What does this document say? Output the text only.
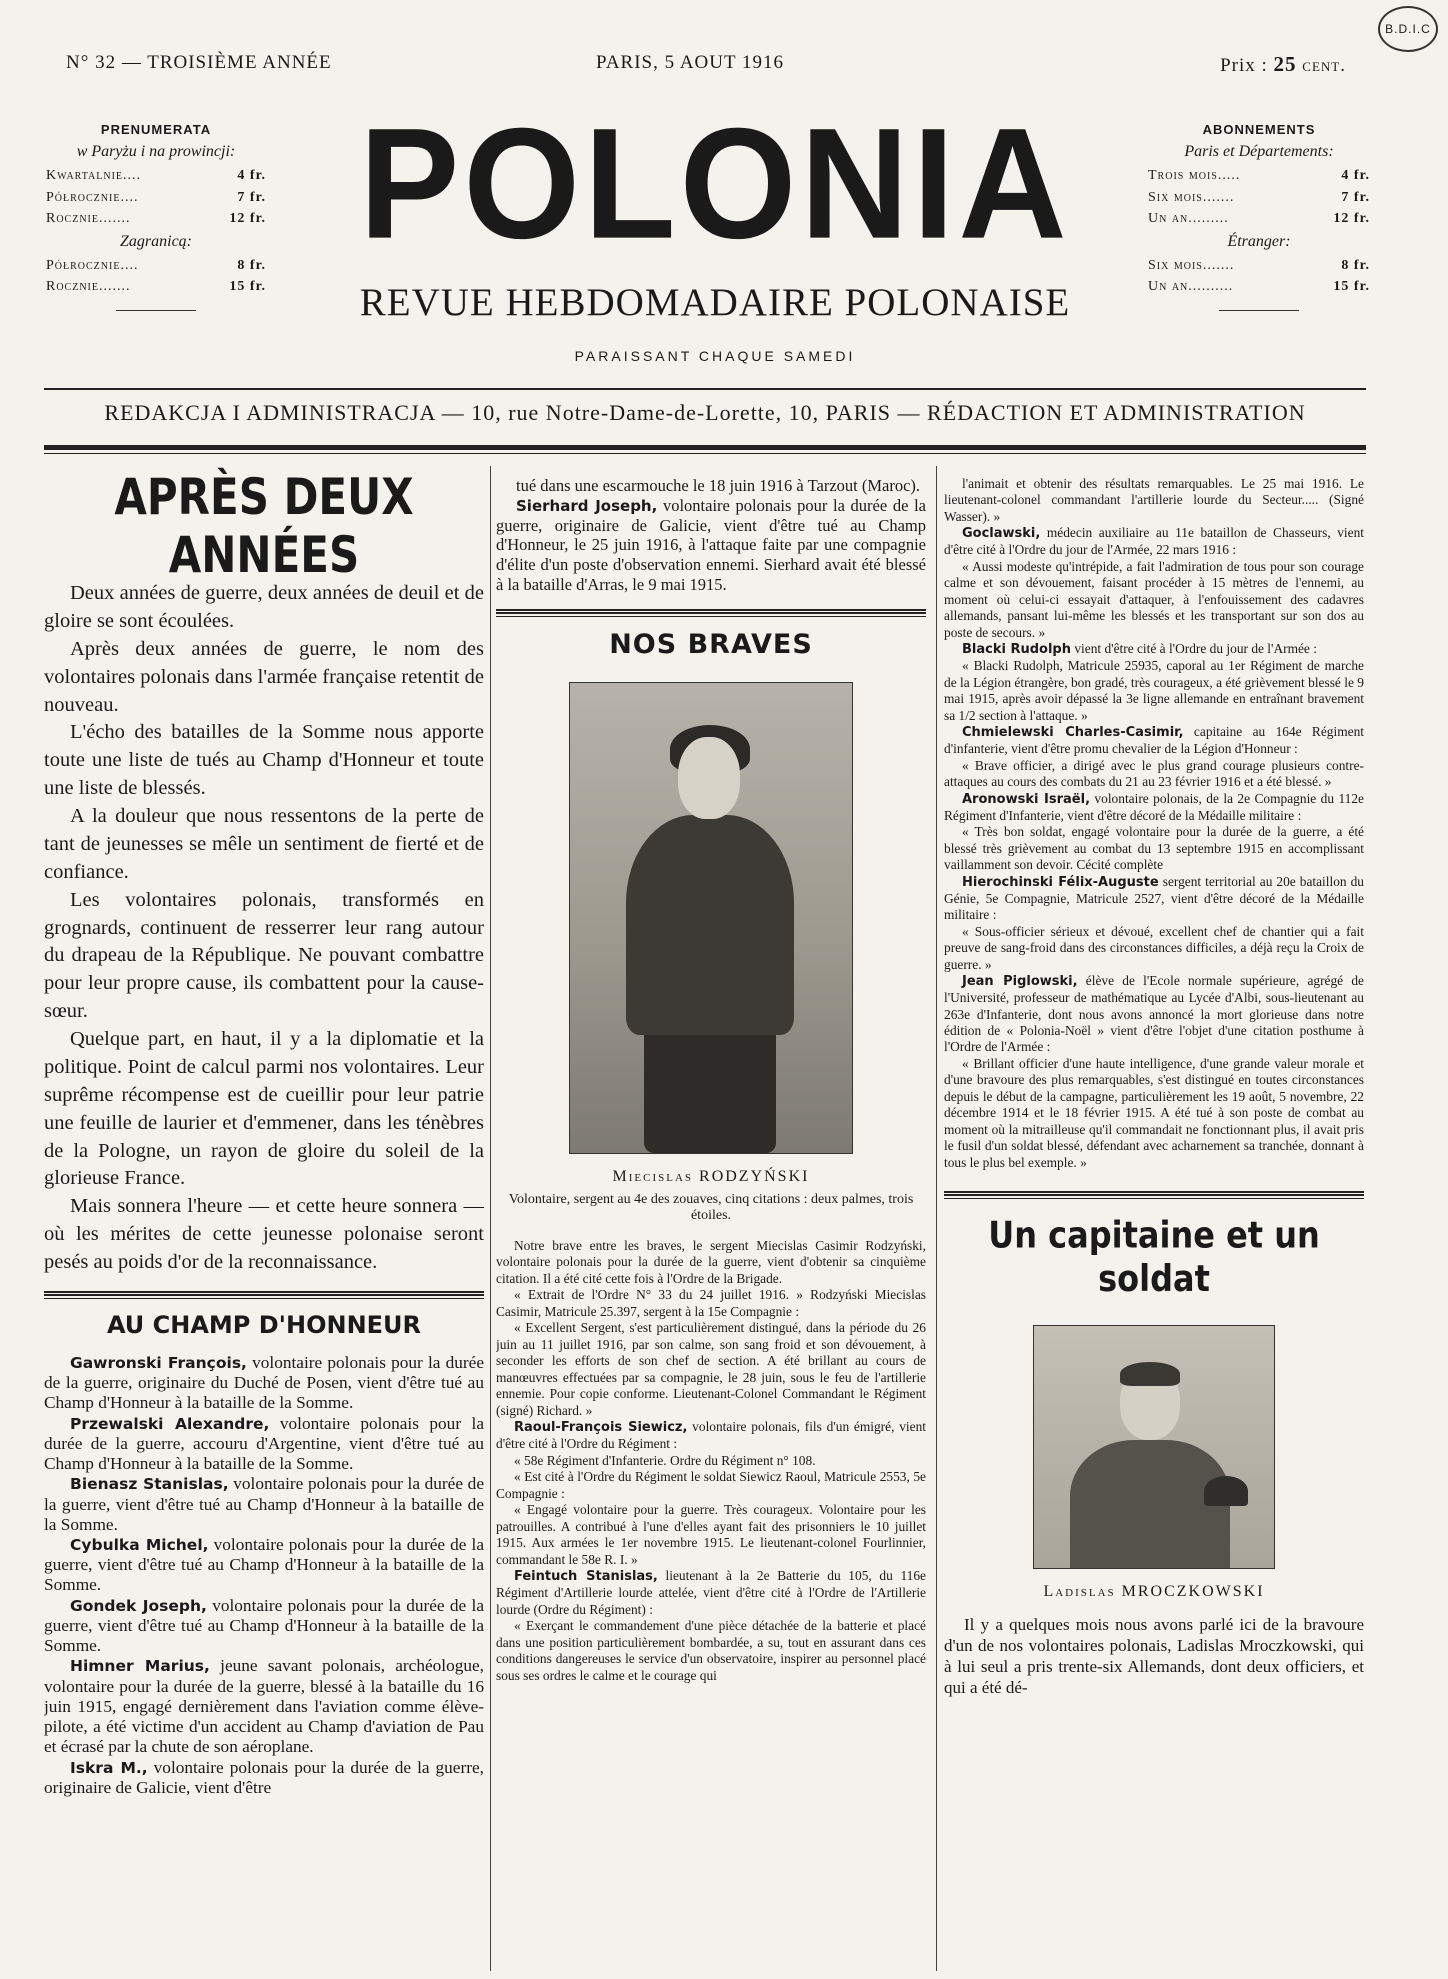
B.D.I.C
N° 32 — TROISIÈME ANNÉE	PARIS, 5 AOUT 1916	Prix : 25 cent.
PRENUMERATA
w Paryżu i na prowincji:
Kwartalnie....	4 fr.
Półrocznie....	7 fr.
Rocznie.......	12 fr.
Zagranicą:
Półrocznie....	8 fr.
Rocznie.......	15 fr.
ABONNEMENTS
Paris et Départements:
Trois mois.....	4 fr.
Six mois.......	7 fr.
Un an.........	12 fr.
Étranger:
Six mois.......	8 fr.
Un an..........	15 fr.
POLONIA
REVUE HEBDOMADAIRE POLONAISE
PARAISSANT CHAQUE SAMEDI
REDAKCJA I ADMINISTRACJA — 10, rue Notre-Dame-de-Lorette, 10, PARIS — RÉDACTION ET ADMINISTRATION
APRÈS DEUX ANNÉES

Deux années de guerre, deux années de deuil et de gloire se sont écoulées.

Après deux années de guerre, le nom des volontaires polonais dans l'armée française retentit de nouveau.

L'écho des batailles de la Somme nous apporte toute une liste de tués au Champ d'Honneur et toute une liste de blessés.

A la douleur que nous ressentons de la perte de tant de jeunesses se mêle un sentiment de fierté et de confiance.

Les volontaires polonais, transformés en grognards, continuent de resserrer leur rang autour du drapeau de la République. Ne pouvant combattre pour leur propre cause, ils combattent pour la cause-sœur.

Quelque part, en haut, il y a la diplomatie et la politique. Point de calcul parmi nos volontaires. Leur suprême récompense est de cueillir pour leur patrie une feuille de laurier et d'emmener, dans les ténèbres de la Pologne, un rayon de gloire du soleil de la glorieuse France.

Mais sonnera l'heure — et cette heure sonnera — où les mérites de cette jeunesse polonaise seront pesés au poids d'or de la reconnaissance.

AU CHAMP D'HONNEUR

Gawronski François, volontaire polonais pour la durée de la guerre, originaire du Duché de Posen, vient d'être tué au Champ d'Honneur à la bataille de la Somme.

Przewalski Alexandre, volontaire polonais pour la durée de la guerre, accouru d'Argentine, vient d'être tué au Champ d'Honneur à la bataille de la Somme.

Bienasz Stanislas, volontaire polonais pour la durée de la guerre, vient d'être tué au Champ d'Honneur à la bataille de la Somme.

Cybulka Michel, volontaire polonais pour la durée de la guerre, vient d'être tué au Champ d'Honneur à la bataille de la Somme.

Gondek Joseph, volontaire polonais pour la durée de la guerre, vient d'être tué au Champ d'Honneur à la bataille de la Somme.

Himner Marius, jeune savant polonais, archéologue, volontaire pour la durée de la guerre, blessé à la bataille du 16 juin 1915, engagé dernièrement dans l'aviation comme élève-pilote, a été victime d'un accident au Champ d'aviation de Pau et écrasé par la chute de son aéroplane.

Iskra M., volontaire polonais pour la durée de la guerre, originaire de Galicie, vient d'être

tué dans une escarmouche le 18 juin 1916 à Tarzout (Maroc).

Sierhard Joseph, volontaire polonais pour la durée de la guerre, originaire de Galicie, vient d'être tué au Champ d'Honneur, le 25 juin 1916, à l'attaque faite par une compagnie d'élite d'un poste d'observation ennemi. Sierhard avait été blessé à la bataille d'Arras, le 9 mai 1915.

NOS BRAVES
Miecislas RODZYŃSKI
Volontaire, sergent au 4e des zouaves, cinq citations : deux palmes, trois étoiles.

Notre brave entre les braves, le sergent Miecislas Casimir Rodzyński, volontaire polonais pour la durée de la guerre, vient d'obtenir sa cinquième citation. Il a été cité cette fois à l'Ordre de la Brigade.

« Extrait de l'Ordre N° 33 du 24 juillet 1916. » Rodzyński Miecislas Casimir, Matricule 25.397, sergent à la 15e Compagnie :

« Excellent Sergent, s'est particulièrement distingué, dans la période du 26 juin au 11 juillet 1916, par son calme, son sang froid et son dévouement, à seconder les efforts de son chef de section. A été brillant au cours de manœuvres effectuées par sa compagnie, le 28 juin, sous le feu de l'artillerie ennemie. Pour copie conforme. Lieutenant-Colonel Commandant le Régiment (signé) Richard. »

Raoul-François Siewicz, volontaire polonais, fils d'un émigré, vient d'être cité à l'Ordre du Régiment :

« 58e Régiment d'Infanterie. Ordre du Régiment n° 108.

« Est cité à l'Ordre du Régiment le soldat Siewicz Raoul, Matricule 2553, 5e Compagnie :

« Engagé volontaire pour la guerre. Très courageux. Volontaire pour les patrouilles. A contribué à l'une d'elles ayant fait des prisonniers le 10 juillet 1915. Aux armées le 1er novembre 1915. Le lieutenant-colonel Fourlinnier, commandant le 58e R. I. »

Feintuch Stanislas, lieutenant à la 2e Batterie du 105, du 116e Régiment d'Artillerie lourde attelée, vient d'être cité à l'Ordre de l'Artillerie lourde (Ordre du Régiment) :

« Exerçant le commandement d'une pièce détachée de la batterie et placé dans une position particulièrement bombardée, a su, tout en assurant dans ces conditions dangereuses le service d'un observatoire, inspirer au personnel placé sous ses ordres le calme et le courage qui

l'animait et obtenir des résultats remarquables. Le 25 mai 1916. Le lieutenant-colonel commandant l'artillerie lourde du Secteur..... (Signé Wasser). »

Goclawski, médecin auxiliaire au 11e bataillon de Chasseurs, vient d'être cité à l'Ordre du jour de l'Armée, 22 mars 1916 :

« Aussi modeste qu'intrépide, a fait l'admiration de tous pour son courage calme et son dévouement, faisant procéder à 15 mètres de l'ennemi, au moment où celui-ci essayait d'attaquer, à l'enfouissement des cadavres allemands, pansant lui-même les blessés et les transportant sur son dos au poste de secours. »

Blacki Rudolph vient d'être cité à l'Ordre du jour de l'Armée :

« Blacki Rudolph, Matricule 25935, caporal au 1er Régiment de marche de la Légion étrangère, bon gradé, très courageux, a été grièvement blessé le 9 mai 1915, après avoir dépassé la 3e ligne allemande en entraînant bravement sa 1/2 section à l'attaque. »

Chmielewski Charles-Casimir, capitaine au 164e Régiment d'infanterie, vient d'être promu chevalier de la Légion d'Honneur :

« Brave officier, a dirigé avec le plus grand courage plusieurs contre-attaques au cours des combats du 21 au 23 février 1916 et a été blessé. »

Aronowski Israël, volontaire polonais, de la 2e Compagnie du 112e Régiment d'Infanterie, vient d'être décoré de la Médaille militaire :

« Très bon soldat, engagé volontaire pour la durée de la guerre, a été blessé très grièvement au combat du 13 septembre 1915 en accomplissant vaillamment son devoir. Cécité complète

Hierochinski Félix-Auguste sergent territorial au 20e bataillon du Génie, 5e Compagnie, Matricule 2527, vient d'être décoré de la Médaille militaire :

« Sous-officier sérieux et dévoué, excellent chef de chantier qui a fait preuve de sang-froid dans des circonstances difficiles, a déjà reçu la Croix de guerre. »

Jean Piglowski, élève de l'Ecole normale supérieure, agrégé de l'Université, professeur de mathématique au Lycée d'Albi, sous-lieutenant au 263e d'Infanterie, dont nous avons annoncé la mort glorieuse dans notre édition de « Polonia-Noël » vient d'être l'objet d'une citation posthume à l'Ordre de l'Armée :

« Brillant officier d'une haute intelligence, d'une grande valeur morale et d'une bravoure des plus remarquables, s'est distingué en toutes circonstances depuis le début de la campagne, particulièrement les 19 août, 5 novembre, 22 décembre 1914 et le 18 février 1915. A été tué à son poste de combat au moment où la mitrailleuse qu'il commandait ne fonctionnant plus, il avait pris le fusil d'un soldat blessé, défendant avec acharnement sa tranchée, donnant à tous le plus bel exemple. »

Un capitaine et un soldat
Ladislas MROCZKOWSKI

Il y a quelques mois nous avons parlé ici de la bravoure d'un de nos volontaires polonais, Ladislas Mroczkowski, qui à lui seul a pris trente-six Allemands, dont deux officiers, et qui a été dé-
